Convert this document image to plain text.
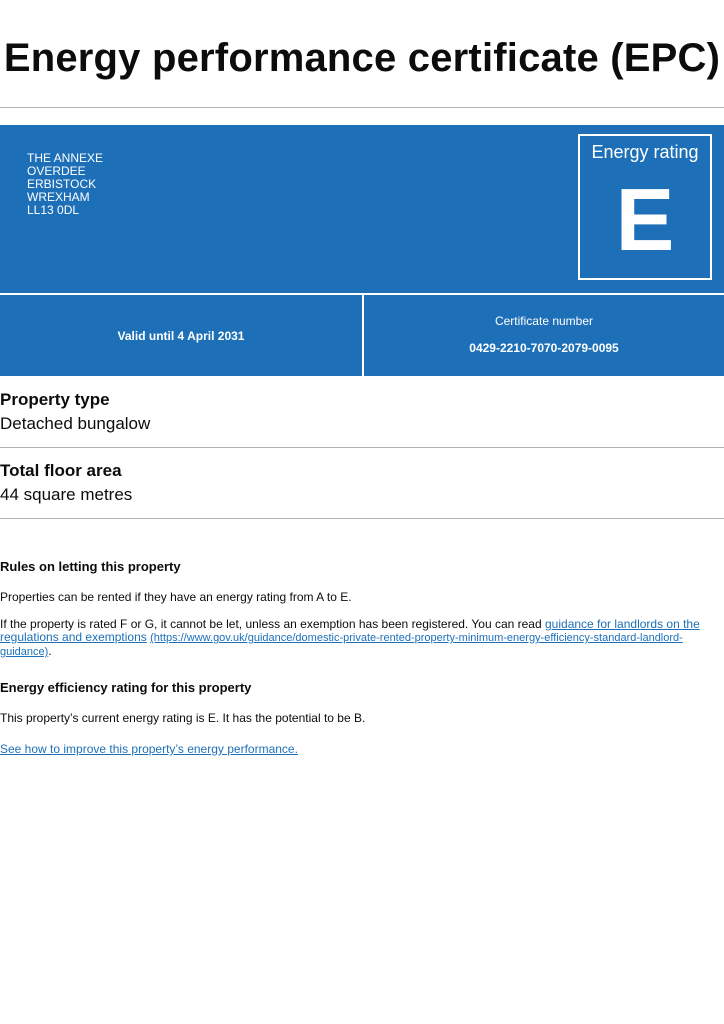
Energy performance certificate (EPC)
THE ANNEXE
OVERDEE
ERBISTOCK
WREXHAM
LL13 0DL
Energy rating
E
Valid until 4 April 2031
Certificate number
0429-2210-7070-2079-0095
Property type
Detached bungalow
Total floor area
44 square metres
Rules on letting this property
Properties can be rented if they have an energy rating from A to E.
If the property is rated F or G, it cannot be let, unless an exemption has been registered. You can read guidance for landlords on the
regulations and exemptions (https://www.gov.uk/guidance/domestic-private-rented-property-minimum-energy-efficiency-standard-landlord-guidance).
Energy efficiency rating for this property
This property’s current energy rating is E. It has the potential to be B.
See how to improve this property’s energy performance.
